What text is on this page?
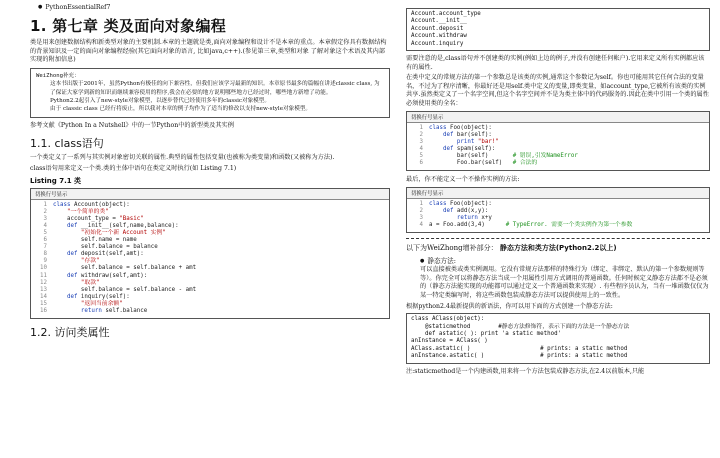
● PythonEssentialRef7
1. 第七章 类及面向对象编程

类是用来创建数据结构和新类型对象的主要机制.本章的主题就是类,面向对象编程和设计不是本章的重点。本章假定你具有数据结构的背景知识及一定的面向对象编程经验(其它面向对象的语言, 比如java,c++).(参见第三章,类型和对象 了解对象这个术语及其内部实现的附加信息)

WeiZhong补充：
这本书出版于2001年，虽然Python有极佳的向下兼容性，但我们应该学习最新的知识。本章原书最多的篇幅在讲述classic class, 为了保证大家学到新的知识而继续兼容使用的程序,我会在必要的地方说明哪些地方已经过时，哪些地方新增了功能。
Python2.2起引入了new-style对象模型，以逐步替代已经使用多年的classic对象模型。
由于 classic class 已经行将废止，所以我对本章的例子均作为了适当的修改以支持new-style对象模型。

参考文献《Python In a Nutshell》中的一节Python中的新型类及其实例

1.1. class语句

一个类定义了一系列与其实例对象密切关联的属性.典型的属性包括变量(也被称为类变量)和函数(又被称为方法).

class语句用来定义一个类.类的主体中语句在类定义时执行(如 Listing 7.1)

Listing 7.1 类
切换行号显示
1	class Account(object):
2	"一个简单的类"
3	account_type = "Basic"
4	def __init__(self,name,balance):
5	"初始化一个新 Account 实例"
6	self.name = name
7	self.balance = balance
8	def deposit(self,amt):
9	"存款"
10	self.balance = self.balance + amt
11	def withdraw(self,amt):
12	"取款"
13	self.balance = self.balance - amt
14	def inquiry(self):
15	"返回当前余额"
16	return self.balance
1.2. 访问类属性
Account.account_type
Account.__init__
Account.deposit
Account.withdraw
Account.inquiry

需要注意的是,class语句并不创建类的实例(例如上边的例子,并没有创建任何帐户).它用来定义所有实例都应该有的属性.

在类中定义的常规方法的第一个参数总是该类的实例,通常这个参数记为self。你也可能用其它任何合法的变量名，不过为了程序清晰，你最好还是用self.类中定义的变量,即类变量，如account_type,它被所有该类的实例共享.虽然类定义了一个名字空间,但这个名字空间并不是为类主体中的代码服务的.因此在类中引用一个类的属性必须使用类的全名：

切换行号显示
1	class Foo(object):
2	def bar(self):
3	print "bar!"
4	def spam(self):
5	bar(self)       # 错误,引发NameError
6	Foo.bar(self)   # 合法的

最后，你不能定义一个不操作实例的方法:

切换行号显示
1	class Foo(object):
2	def add(x,y):
3	return x+y
4	a = Foo.add(3,4)      # TypeError. 需要一个类实例作为第一个参数
以下为WeiZhong增补部分： 静态方法和类方法(Python2.2以上)
● 静态方法:

可以直接被类或类实例调用。它没有常规方法那样的特殊行为（绑定、非绑定、默认的第一个参数规则等等）。你完全可以将静态方法当成一个用属性引用方式调用的普通函数。任何时候定义静态方法都不是必须的（静态方法能实现的功能都可以通过定义一个普通函数来实现）. 有些程序员认为，当有一堆函数仅仅为某一特定类编写时，将这些函数包装成静态方法可以提供使用上的一致性。

根据python2.4最新提供的新语法，你可以用下面的方式创建一个静态方法:

class AClass(object):
@staticmethod        #静态方法修饰符，表示下面的方法是一个静态方法
def astatic( ): print 'a static method'
anInstance = AClass( )
AClass.astatic( )                    # prints: a static method
anInstance.astatic( )                # prints: a static method

注:staticmethod是一个内建函数,用来将一个方法包装成静态方法,在2.4以前版本,只能
